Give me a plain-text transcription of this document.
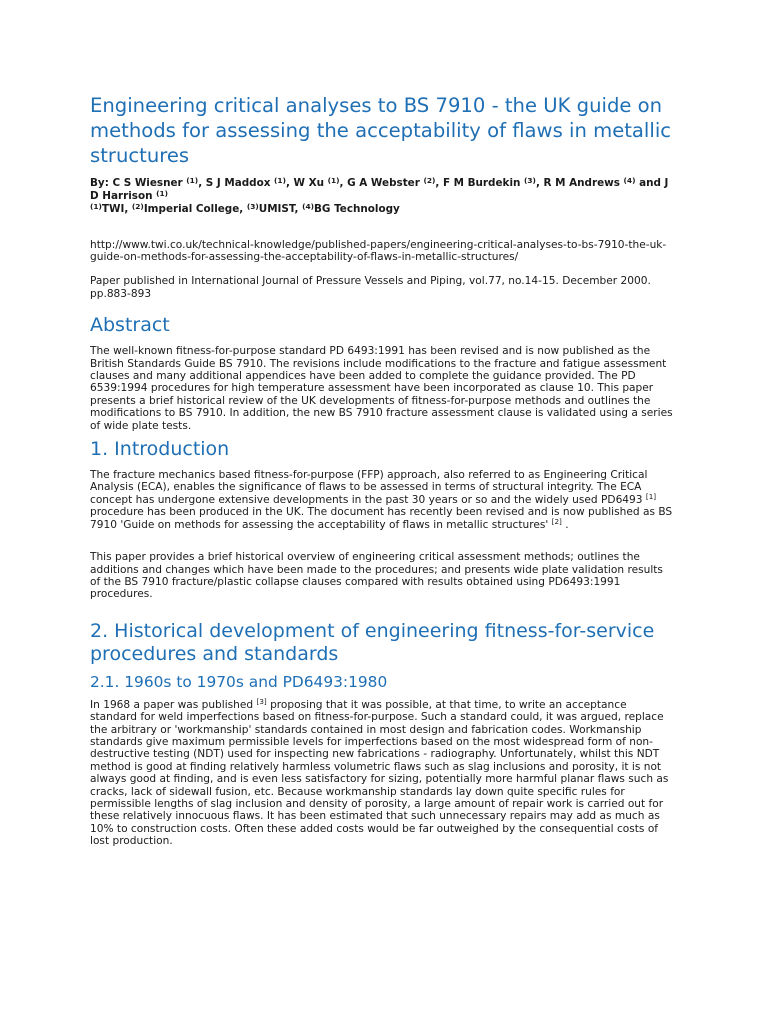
Engineering critical analyses to BS 7910 - the UK guide on methods for assessing the acceptability of flaws in metallic structures

By: C S Wiesner $^{(1)}$, S J Maddox $^{(1)}$, W Xu $^{(1)}$, G A Webster $^{(2)}$, F M Burdekin $^{(3)}$, R M Andrews $^{(4)}$ and J D Harrison $^{(1)}$
$^{(1)}$TWI, $^{(2)}$Imperial College, $^{(3)}$UMIST, $^{(4)}$BG Technology

http://www.twi.co.uk/technical-knowledge/published-papers/engineering-critical-analyses-to-bs-7910-the-uk-guide-on-methods-for-assessing-the-acceptability-of-flaws-in-metallic-structures/

Paper published in International Journal of Pressure Vessels and Piping, vol.77, no.14-15. December 2000. pp.883-893

Abstract

The well-known fitness-for-purpose standard PD 6493:1991 has been revised and is now published as the British Standards Guide BS 7910. The revisions include modifications to the fracture and fatigue assessment clauses and many additional appendices have been added to complete the guidance provided. The PD 6539:1994 procedures for high temperature assessment have been incorporated as clause 10. This paper presents a brief historical review of the UK developments of fitness-for-purpose methods and outlines the modifications to BS 7910. In addition, the new BS 7910 fracture assessment clause is validated using a series of wide plate tests.

1. Introduction

The fracture mechanics based fitness-for-purpose (FFP) approach, also referred to as Engineering Critical Analysis (ECA), enables the significance of flaws to be assessed in terms of structural integrity. The ECA concept has undergone extensive developments in the past 30 years or so and the widely used PD6493 [1] procedure has been produced in the UK. The document has recently been revised and is now published as BS 7910 'Guide on methods for assessing the acceptability of flaws in metallic structures' [2] .

This paper provides a brief historical overview of engineering critical assessment methods; outlines the additions and changes which have been made to the procedures; and presents wide plate validation results of the BS 7910 fracture/plastic collapse clauses compared with results obtained using PD6493:1991 procedures.

2. Historical development of engineering fitness-for-service procedures and standards
2.1. 1960s to 1970s and PD6493:1980

In 1968 a paper was published [3] proposing that it was possible, at that time, to write an acceptance standard for weld imperfections based on fitness-for-purpose. Such a standard could, it was argued, replace the arbitrary or 'workmanship' standards contained in most design and fabrication codes. Workmanship standards give maximum permissible levels for imperfections based on the most widespread form of non-destructive testing (NDT) used for inspecting new fabrications - radiography. Unfortunately, whilst this NDT method is good at finding relatively harmless volumetric flaws such as slag inclusions and porosity, it is not always good at finding, and is even less satisfactory for sizing, potentially more harmful planar flaws such as cracks, lack of sidewall fusion, etc. Because workmanship standards lay down quite specific rules for permissible lengths of slag inclusion and density of porosity, a large amount of repair work is carried out for these relatively innocuous flaws. It has been estimated that such unnecessary repairs may add as much as 10% to construction costs. Often these added costs would be far outweighed by the consequential costs of lost production.
